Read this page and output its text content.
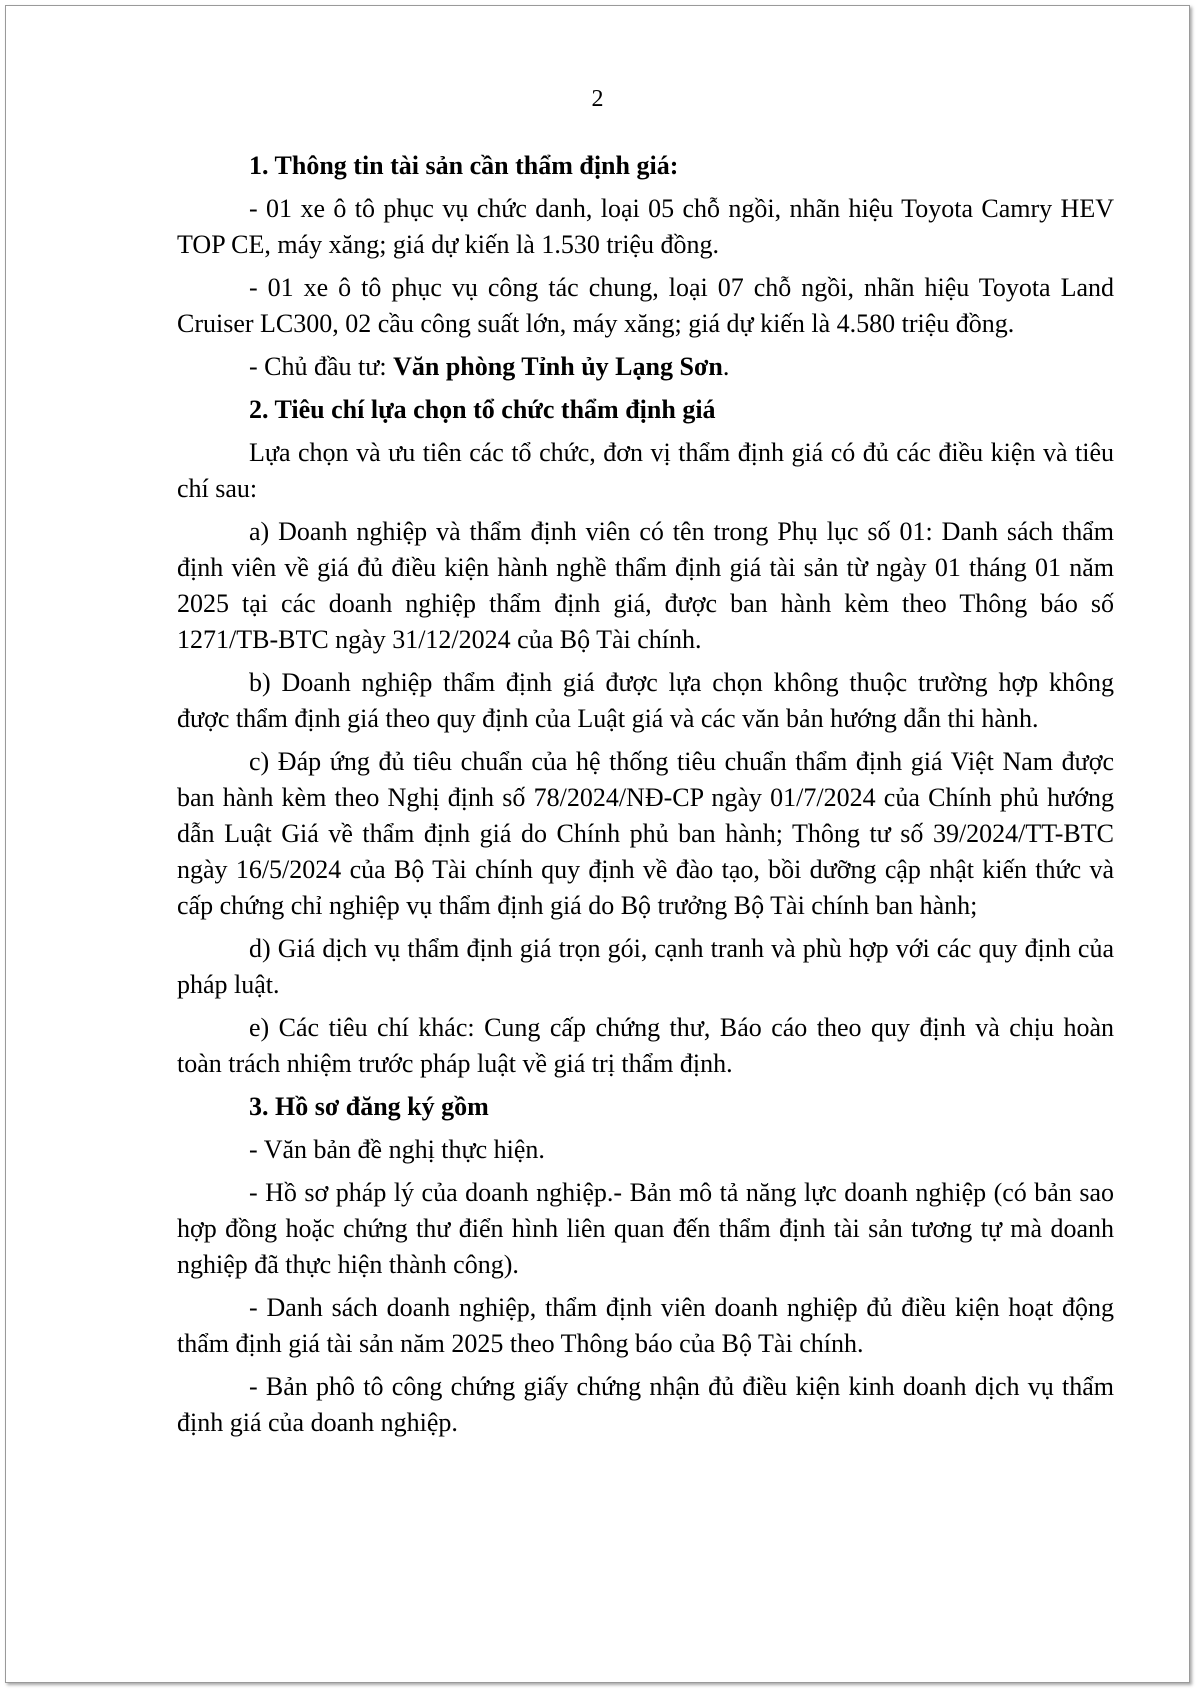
2

1. Thông tin tài sản cần thẩm định giá:

- 01 xe ô tô phục vụ chức danh, loại 05 chỗ ngồi, nhãn hiệu Toyota Camry HEV TOP CE, máy xăng; giá dự kiến là 1.530 triệu đồng.

- 01 xe ô tô phục vụ công tác chung, loại 07 chỗ ngồi, nhãn hiệu Toyota Land Cruiser LC300, 02 cầu công suất lớn, máy xăng; giá dự kiến là 4.580 triệu đồng.

- Chủ đầu tư: Văn phòng Tỉnh ủy Lạng Sơn.

2. Tiêu chí lựa chọn tổ chức thẩm định giá

Lựa chọn và ưu tiên các tổ chức, đơn vị thẩm định giá có đủ các điều kiện và tiêu chí sau:

a) Doanh nghiệp và thẩm định viên có tên trong Phụ lục số 01: Danh sách thẩm định viên về giá đủ điều kiện hành nghề thẩm định giá tài sản từ ngày 01 tháng 01 năm 2025 tại các doanh nghiệp thẩm định giá, được ban hành kèm theo Thông báo số 1271/TB-BTC ngày 31/12/2024 của Bộ Tài chính.

b) Doanh nghiệp thẩm định giá được lựa chọn không thuộc trường hợp không được thẩm định giá theo quy định của Luật giá và các văn bản hướng dẫn thi hành.

c) Đáp ứng đủ tiêu chuẩn của hệ thống tiêu chuẩn thẩm định giá Việt Nam được ban hành kèm theo Nghị định số 78/2024/NĐ-CP ngày 01/7/2024 của Chính phủ hướng dẫn Luật Giá về thẩm định giá do Chính phủ ban hành; Thông tư số 39/2024/TT-BTC ngày 16/5/2024 của Bộ Tài chính quy định về đào tạo, bồi dưỡng cập nhật kiến thức và cấp chứng chỉ nghiệp vụ thẩm định giá do Bộ trưởng Bộ Tài chính ban hành;

d) Giá dịch vụ thẩm định giá trọn gói, cạnh tranh và phù hợp với các quy định của pháp luật.

e) Các tiêu chí khác: Cung cấp chứng thư, Báo cáo theo quy định và chịu hoàn toàn trách nhiệm trước pháp luật về giá trị thẩm định.

3. Hồ sơ đăng ký gồm

- Văn bản đề nghị thực hiện.

- Hồ sơ pháp lý của doanh nghiệp.- Bản mô tả năng lực doanh nghiệp (có bản sao hợp đồng hoặc chứng thư điển hình liên quan đến thẩm định tài sản tương tự mà doanh nghiệp đã thực hiện thành công).

- Danh sách doanh nghiệp, thẩm định viên doanh nghiệp đủ điều kiện hoạt động thẩm định giá tài sản năm 2025 theo Thông báo của Bộ Tài chính.

- Bản phô tô công chứng giấy chứng nhận đủ điều kiện kinh doanh dịch vụ thẩm định giá của doanh nghiệp.
